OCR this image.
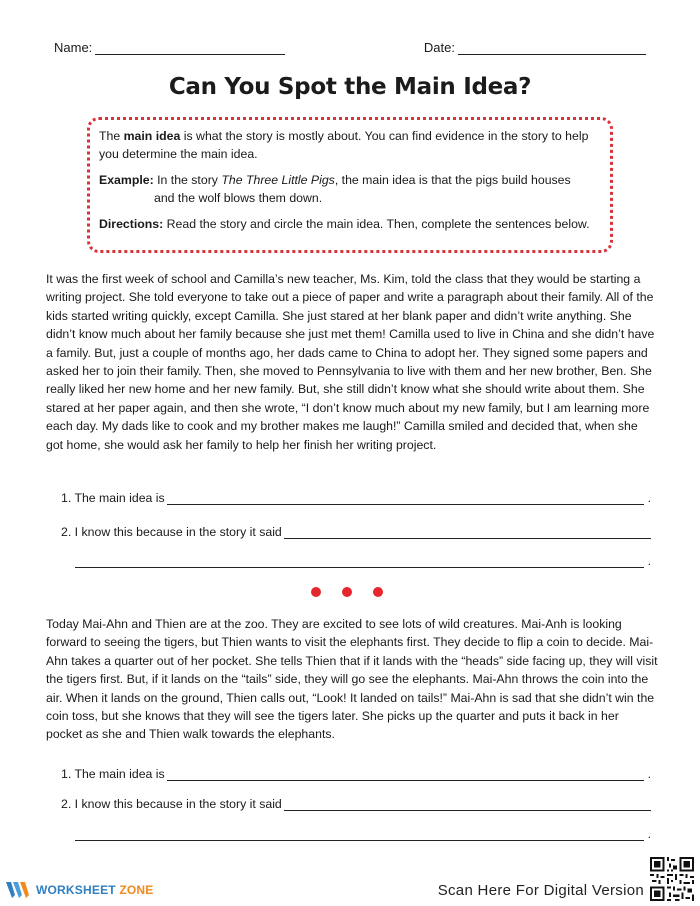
Name:	Date:
Can You Spot the Main Idea?

The main idea is what the story is mostly about. You can find evidence in the story to help you determine the main idea.

Example: In the story The Three Little Pigs, the main idea is that the pigs build houses
and the wolf blows them down.

Directions: Read the story and circle the main idea. Then, complete the sentences below.

It was the first week of school and Camilla’s new teacher, Ms. Kim, told the class that they would be starting a writing project. She told everyone to take out a piece of paper and write a paragraph about their family. All of the kids started writing quickly, except Camilla. She just stared at her blank paper and didn’t write anything. She didn’t know much about her family because she just met them! Camilla used to live in China and she didn’t have a family. But, just a couple of months ago, her dads came to China to adopt her. They signed some papers and asked her to join their family. Then, she moved to Pennsylvania to live with them and her new brother, Ben. She really liked her new home and her new family. But, she still didn’t know what she should write about them. She stared at her paper again, and then she wrote, “I don’t know much about my new family, but I am learning more each day. My dads like to cook and my brother makes me laugh!” Camilla smiled and decided that, when she got home, she would ask her family to help her finish her writing project.

1. The main idea is	.
2. I know this because in the story it said
.

Today Mai-Ahn and Thien are at the zoo. They are excited to see lots of wild creatures. Mai-Anh is looking forward to seeing the tigers, but Thien wants to visit the elephants first. They decide to flip a coin to decide. Mai-Ahn takes a quarter out of her pocket. She tells Thien that if it lands with the “heads” side facing up, they will visit the tigers first. But, if it lands on the “tails” side, they will go see the elephants. Mai-Ahn throws the coin into the air. When it lands on the ground, Thien calls out, “Look! It landed on tails!” Mai-Ahn is sad that she didn’t win the coin toss, but she knows that they will see the tigers later. She picks up the quarter and puts it back in her pocket as she and Thien walk towards the elephants.

1. The main idea is	.
2. I know this because in the story it said
.
WORKSHEET ZONE	Scan Here For Digital Version
